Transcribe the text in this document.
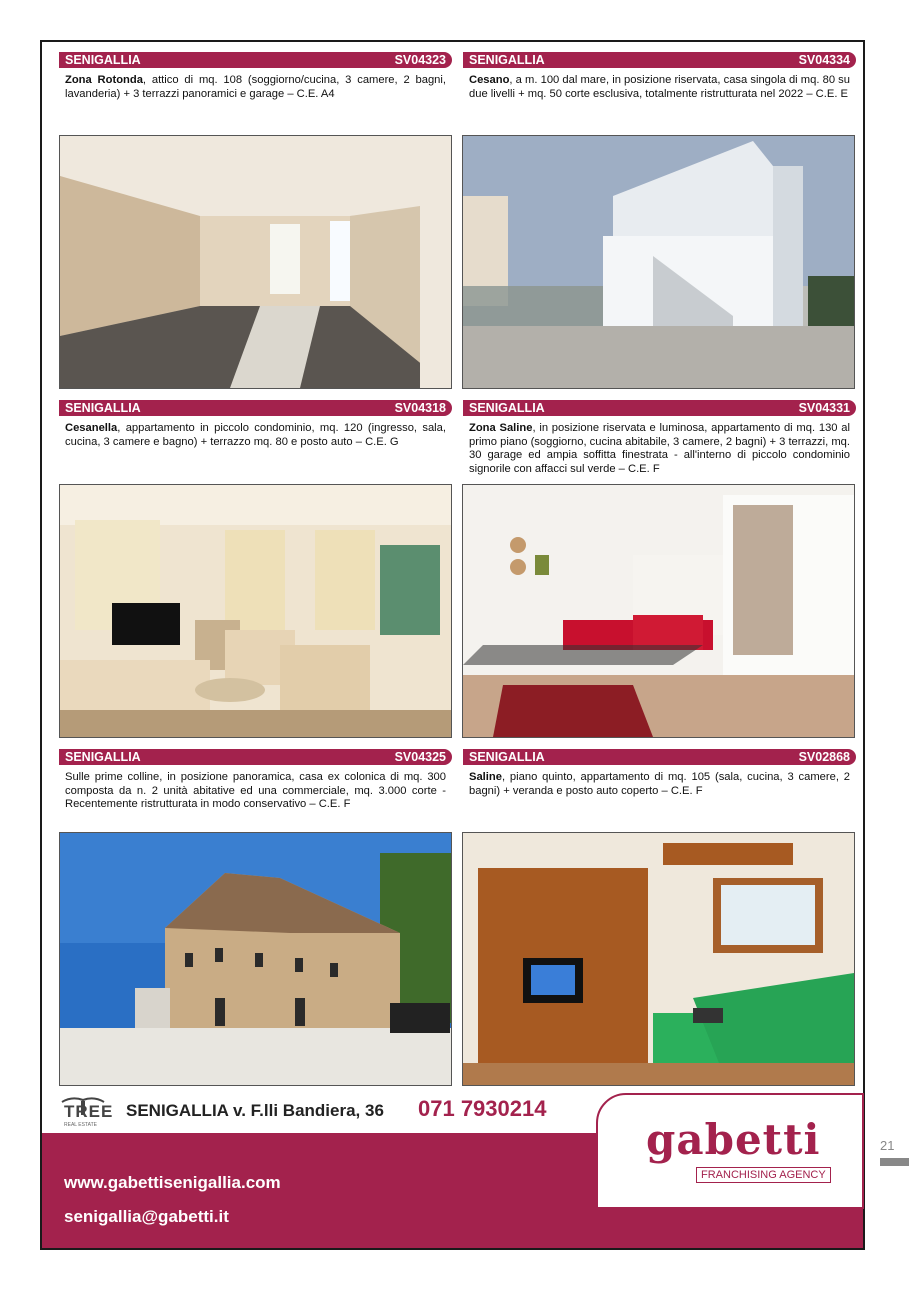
SENIGALLIA	SV04323
Zona Rotonda, attico di mq. 108 (soggiorno/cucina, 3 camere, 2 bagni, lavanderia) + 3 terrazzi panoramici e garage – C.E. A4
SENIGALLIA	SV04334
Cesano, a m. 100 dal mare, in posizione riservata, casa singola di mq. 80 su due livelli + mq. 50 corte esclusiva, totalmente ristrutturata nel 2022 – C.E. E
SENIGALLIA	SV04318
Cesanella, appartamento in piccolo condominio, mq. 120 (ingresso, sala, cucina, 3 camere e bagno) + terrazzo mq. 80 e posto auto – C.E. G
SENIGALLIA	SV04331
Zona Saline, in posizione riservata e luminosa, appartamento di mq. 130 al primo piano (soggiorno, cucina abitabile, 3 camere, 2 bagni) + 3 terrazzi, mq. 30 garage ed ampia soffitta finestrata - all'interno di piccolo condominio signorile con affacci sul verde – C.E. F
SENIGALLIA	SV04325
Sulle prime colline, in posizione panoramica, casa ex colonica di mq. 300 composta da n. 2 unità abitative ed una commerciale, mq. 3.000 corte - Recentemente ristrutturata in modo conservativo – C.E. F
SENIGALLIA	SV02868
Saline, piano quinto, appartamento di mq. 105 (sala, cucina, 3 camere, 2 bagni) + veranda e posto auto coperto – C.E. F
TREE
REAL ESTATE
SENIGALLIA v. F.lli Bandiera, 36 071 7930214
gabetti
FRANCHISING AGENCY
www.gabettisenigallia.com
senigallia@gabetti.it
21
